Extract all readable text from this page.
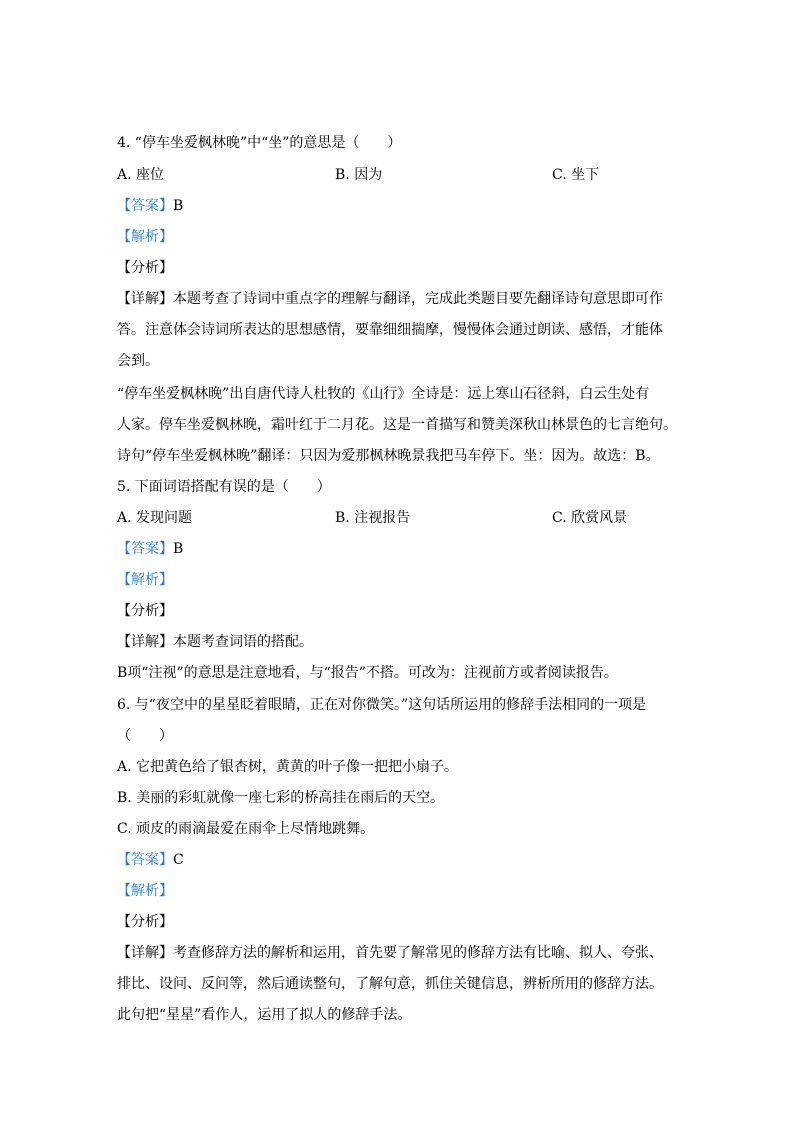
4. “停车坐爱枫林晚”中“坐”的意思是（　　）
A. 座位	B. 因为	C. 坐下
【答案】B
【解析】
【分析】
【详解】本题考查了诗词中重点字的理解与翻译，完成此类题目要先翻译诗句意思即可作
答。注意体会诗词所表达的思想感情，要靠细细揣摩，慢慢体会通过朗读、感悟，才能体
会到。
“停车坐爱枫林晚”出自唐代诗人杜牧的《山行》全诗是：远上寒山石径斜，白云生处有
人家。停车坐爱枫林晚，霜叶红于二月花。这是一首描写和赞美深秋山林景色的七言绝句。
诗句“停车坐爱枫林晚”翻译：只因为爱那枫林晚景我把马车停下。坐：因为。故选：B。
5. 下面词语搭配有误的是（　　）
A. 发现问题	B. 注视报告	C. 欣赏风景
【答案】B
【解析】
【分析】
【详解】本题考查词语的搭配。
B项“注视”的意思是注意地看，与“报告”不搭。可改为：注视前方或者阅读报告。
6. 与“夜空中的星星眨着眼睛，正在对你微笑。”这句话所运用的修辞手法相同的一项是
（　　）
A. 它把黄色给了银杏树，黄黄的叶子像一把把小扇子。
B. 美丽的彩虹就像一座七彩的桥高挂在雨后的天空。
C. 顽皮的雨滴最爱在雨伞上尽情地跳舞。
【答案】C
【解析】
【分析】
【详解】考查修辞方法的解析和运用，首先要了解常见的修辞方法有比喻、拟人、夸张、
排比、设问、反问等，然后通读整句，了解句意，抓住关键信息，辨析所用的修辞方法。
此句把“星星”看作人，运用了拟人的修辞手法。
